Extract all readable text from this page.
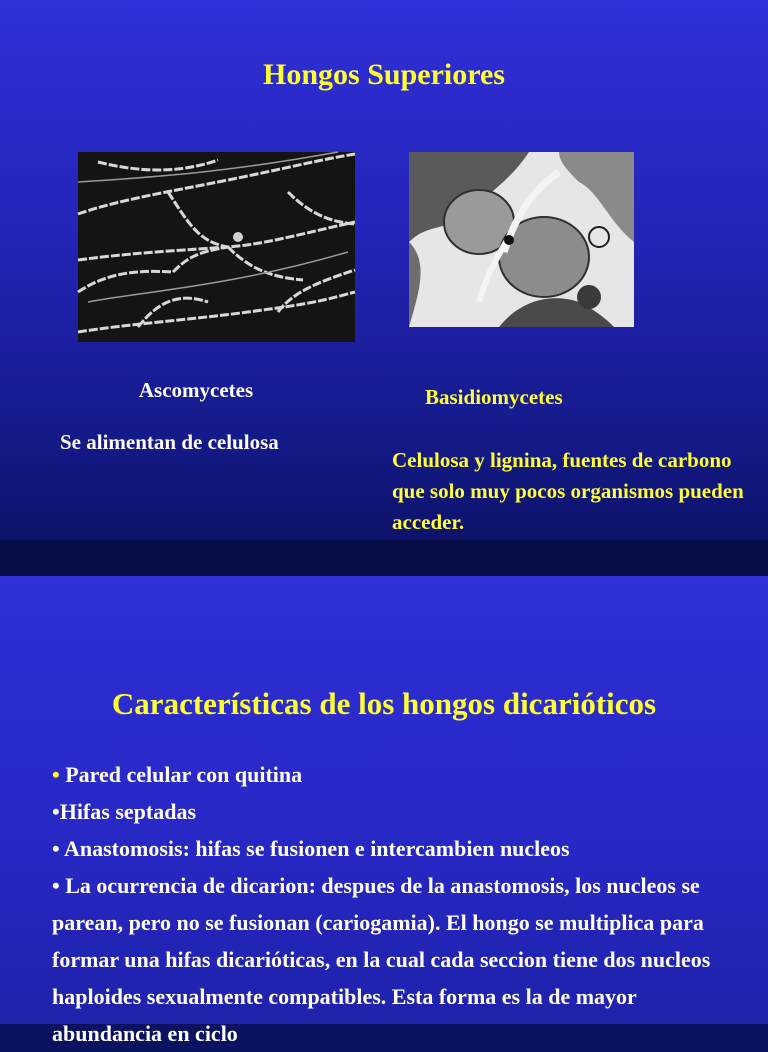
Hongos Superiores

Ascomycetes

Se alimentan de celulosa

Basidiomycetes

Celulosa y lignina, fuentes de carbono que solo muy pocos organismos pueden acceder.

Características de los hongos dicarióticos
• Pared celular con quitina
•Hifas septadas
• Anastomosis: hifas se fusionen e intercambien nucleos
• La ocurrencia de dicarion: despues de la anastomosis, los nucleos se parean, pero no se fusionan (cariogamia). El hongo se multiplica para formar una hifas dicarióticas, en la cual cada seccion tiene dos nucleos haploides sexualmente compatibles. Esta forma es la de mayor abundancia en ciclo
